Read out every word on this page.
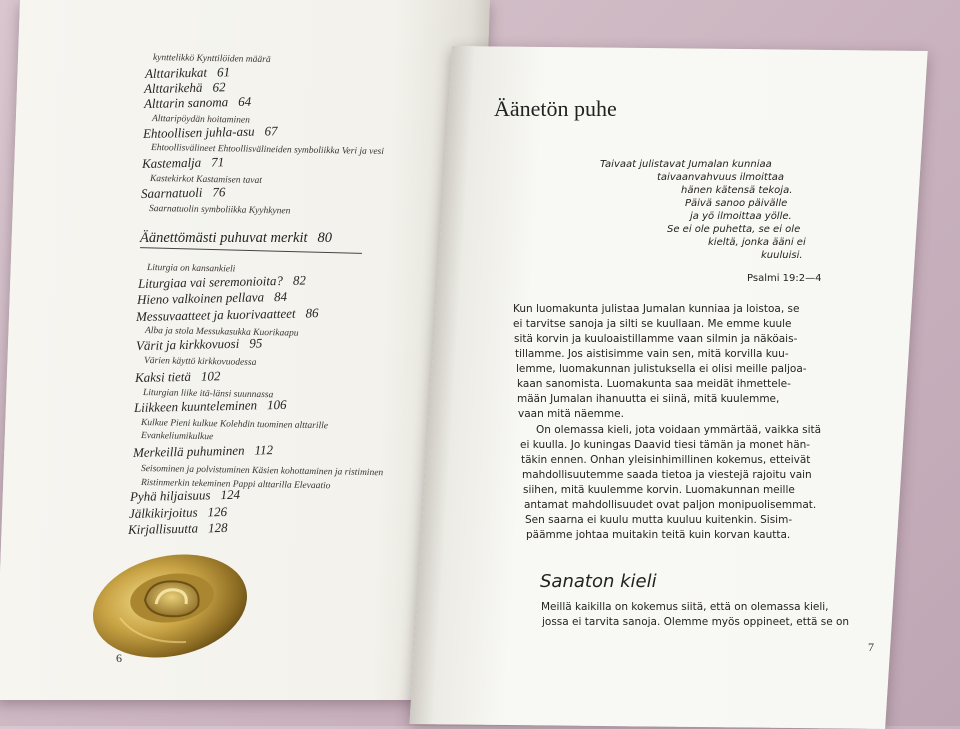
kynttelikkö Kynttilöiden määrä
Alttarikukat 61
Alttarikehä 62
Alttarin sanoma 64
Alttaripöydän hoitaminen
Ehtoollisen juhla-asu 67
Ehtoollisvälineet Ehtoollisvälineiden symboliikka Veri ja vesi
Kastemalja 71
Kastekirkot Kastamisen tavat
Saarnatuoli 76
Saarnatuolin symboliikka Kyyhkynen
Äänettömästi puhuvat merkit 80
Liturgia on kansankieli
Liturgiaa vai seremonioita? 82
Hieno valkoinen pellava 84
Messuvaatteet ja kuorivaatteet 86
Alba ja stola Messukasukka Kuorikaapu
Värit ja kirkkovuosi 95
Värien käyttö kirkkovuodessa
Kaksi tietä 102
Liturgian liike itä-länsi suunnassa
Liikkeen kuunteleminen 106
Kulkue Pieni kulkue Kolehdin tuominen alttarille
Evankeliumikulkue
Merkeillä puhuminen 112
Seisominen ja polvistuminen Käsien kohottaminen ja ristiminen
Ristinmerkin tekeminen Pappi alttarilla Elevaatio
Pyhä hiljaisuus 124
Jälkikirjoitus 126
Kirjallisuutta 128
6
Äänetön puhe
Taivaat julistavat Jumalan kunniaa
taivaanvahvuus ilmoittaa
hänen kätensä tekoja.
Päivä sanoo päivälle
ja yö ilmoittaa yölle.
Se ei ole puhetta, se ei ole
kieltä, jonka ääni ei
kuuluisi.
Psalmi 19:2—4
Kun luomakunta julistaa Jumalan kunniaa ja loistoa, se
ei tarvitse sanoja ja silti se kuullaan. Me emme kuule
sitä korvin ja kuuloaistillamme vaan silmin ja näköais-
tillamme. Jos aistisimme vain sen, mitä korvilla kuu-
lemme, luomakunnan julistuksella ei olisi meille paljoa-
kaan sanomista. Luomakunta saa meidät ihmettele-
mään Jumalan ihanuutta ei siinä, mitä kuulemme,
vaan mitä näemme.
On olemassa kieli, jota voidaan ymmärtää, vaikka sitä
ei kuulla. Jo kuningas Daavid tiesi tämän ja monet hän-
täkin ennen. Onhan yleisinhimillinen kokemus, etteivät
mahdollisuutemme saada tietoa ja viestejä rajoitu vain
siihen, mitä kuulemme korvin. Luomakunnan meille
antamat mahdollisuudet ovat paljon monipuolisemmat.
Sen saarna ei kuulu mutta kuuluu kuitenkin. Sisim-
päämme johtaa muitakin teitä kuin korvan kautta.
Sanaton kieli
Meillä kaikilla on kokemus siitä, että on olemassa kieli,
jossa ei tarvita sanoja. Olemme myös oppineet, että se on
7
